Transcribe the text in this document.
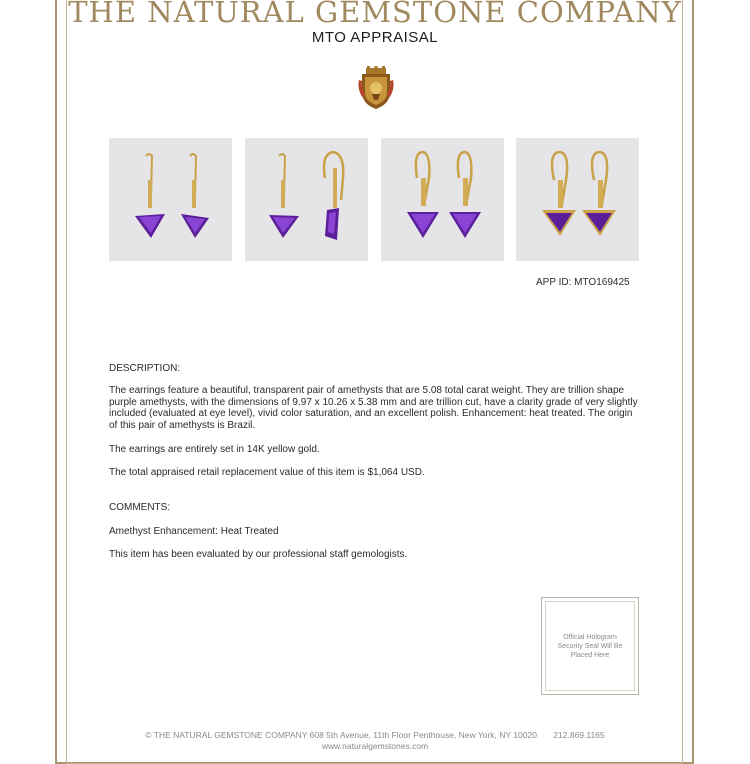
THE NATURAL GEMSTONE COMPANY
MTO APPRAISAL
APP ID: MTO169425
DESCRIPTION:
The earrings feature a beautiful, transparent pair of amethysts that are 5.08 total carat weight. They are trillion shape purple amethysts, with the dimensions of 9.97 x 10.26 x 5.38 mm and are trillion cut, have a clarity grade of very slightly included (evaluated at eye level), vivid color saturation, and an excellent polish. Enhancement: heat treated. The origin of this pair of amethysts is Brazil.
The earrings are entirely set in 14K yellow gold.
The total appraised retail replacement value of this item is $1,064 USD.
COMMENTS:
Amethyst Enhancement: Heat Treated
This item has been evaluated by our professional staff gemologists.
Official Hologram Security Seal Will Be Placed Here
© THE NATURAL GEMSTONE COMPANY 608 5th Avenue, 11th Floor Penthouse, New York, NY 10020 212.869.1165
www.naturalgemstones.com
